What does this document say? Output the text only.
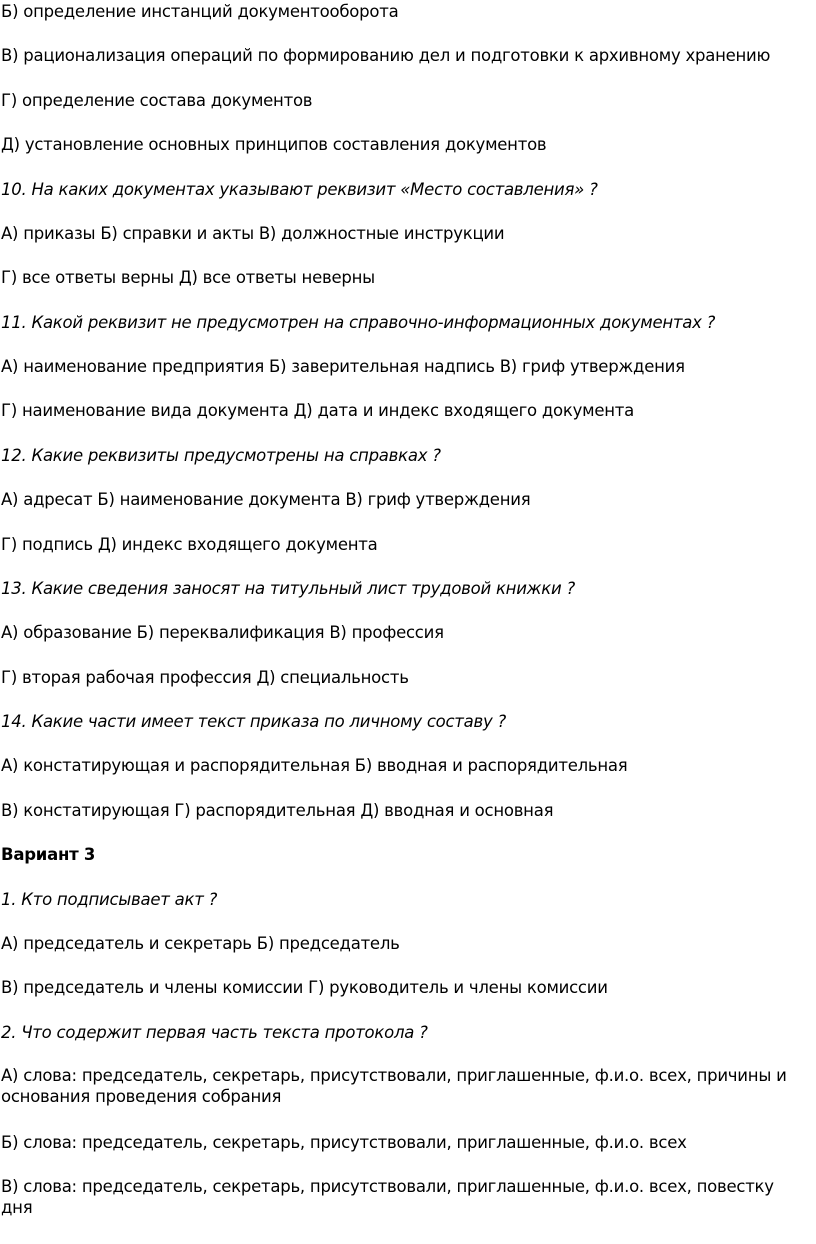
Б) определение инстанций документооборота
В) рационализация операций по формированию дел и подготовки к архивному хранению
Г) определение состава документов
Д) установление основных принципов составления документов
10. На каких документах указывают реквизит «Место составления» ?
А) приказы Б) справки и акты В) должностные инструкции
Г) все ответы верны Д) все ответы неверны
11. Какой реквизит не предусмотрен на справочно-информационных документах ?
А) наименование предприятия Б) заверительная надпись В) гриф утверждения
Г) наименование вида документа Д) дата и индекс входящего документа
12. Какие реквизиты предусмотрены на справках ?
А) адресат Б) наименование документа В) гриф утверждения
Г) подпись Д) индекс входящего документа
13. Какие сведения заносят на титульный лист трудовой книжки ?
А) образование Б) переквалификация В) профессия
Г) вторая рабочая профессия Д) специальность
14. Какие части имеет текст приказа по личному составу ?
А) констатирующая и распорядительная Б) вводная и распорядительная
В) констатирующая Г) распорядительная Д) вводная и основная
Вариант 3
1. Кто подписывает акт ?
А) председатель и секретарь Б) председатель
В) председатель и члены комиссии Г) руководитель и члены комиссии
2. Что содержит первая часть текста протокола ?
А) слова: председатель, секретарь, присутствовали, приглашенные, ф.и.о. всех, причины и основания проведения собрания
Б) слова: председатель, секретарь, присутствовали, приглашенные, ф.и.о. всех
В) слова: председатель, секретарь, присутствовали, приглашенные, ф.и.о. всех, повестку дня
